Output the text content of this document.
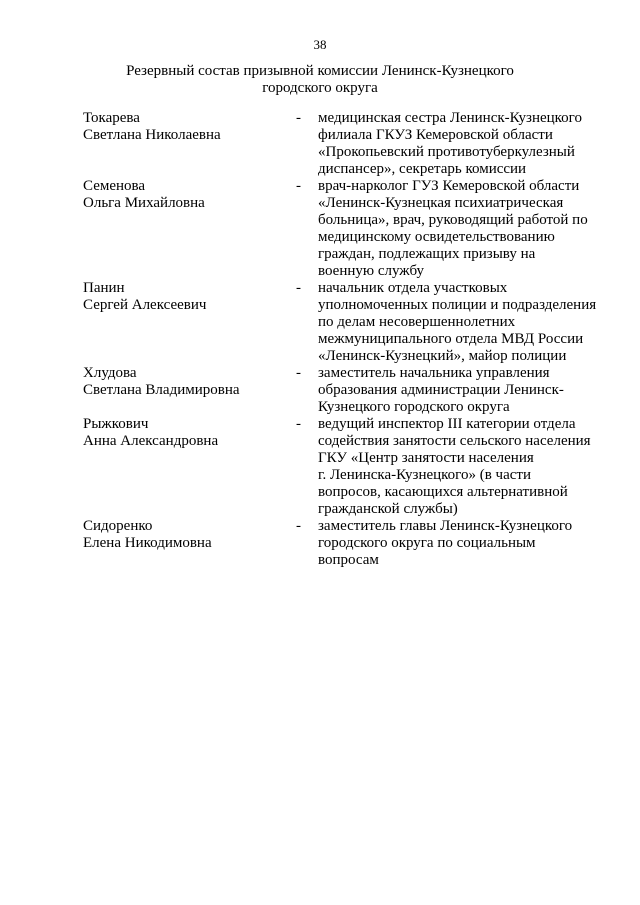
38
Резервный состав призывной комиссии Ленинск-Кузнецкого
городского округа
Токарева
Светлана Николаевна
- медицинская сестра Ленинск-Кузнецкого
филиала ГКУЗ Кемеровской области
«Прокопьевский противотуберкулезный
диспансер», секретарь комиссии
Семенова
Ольга Михайловна
- врач-нарколог ГУЗ Кемеровской области
«Ленинск-Кузнецкая психиатрическая
больница», врач, руководящий работой по
медицинскому освидетельствованию
граждан, подлежащих призыву на
военную службу
Панин
Сергей Алексеевич
- начальник отдела участковых
уполномоченных полиции и подразделения
по делам несовершеннолетних
межмуниципального отдела МВД России
«Ленинск-Кузнецкий», майор полиции
Хлудова
Светлана Владимировна
- заместитель начальника управления
образования администрации Ленинск-
Кузнецкого городского округа
Рыжкович
Анна Александровна
- ведущий инспектор III категории отдела
содействия занятости сельского населения
ГКУ «Центр занятости населения
г. Ленинска-Кузнецкого» (в части
вопросов, касающихся альтернативной
гражданской службы)
Сидоренко
Елена Никодимовна
- заместитель главы Ленинск-Кузнецкого
городского округа по социальным
вопросам
